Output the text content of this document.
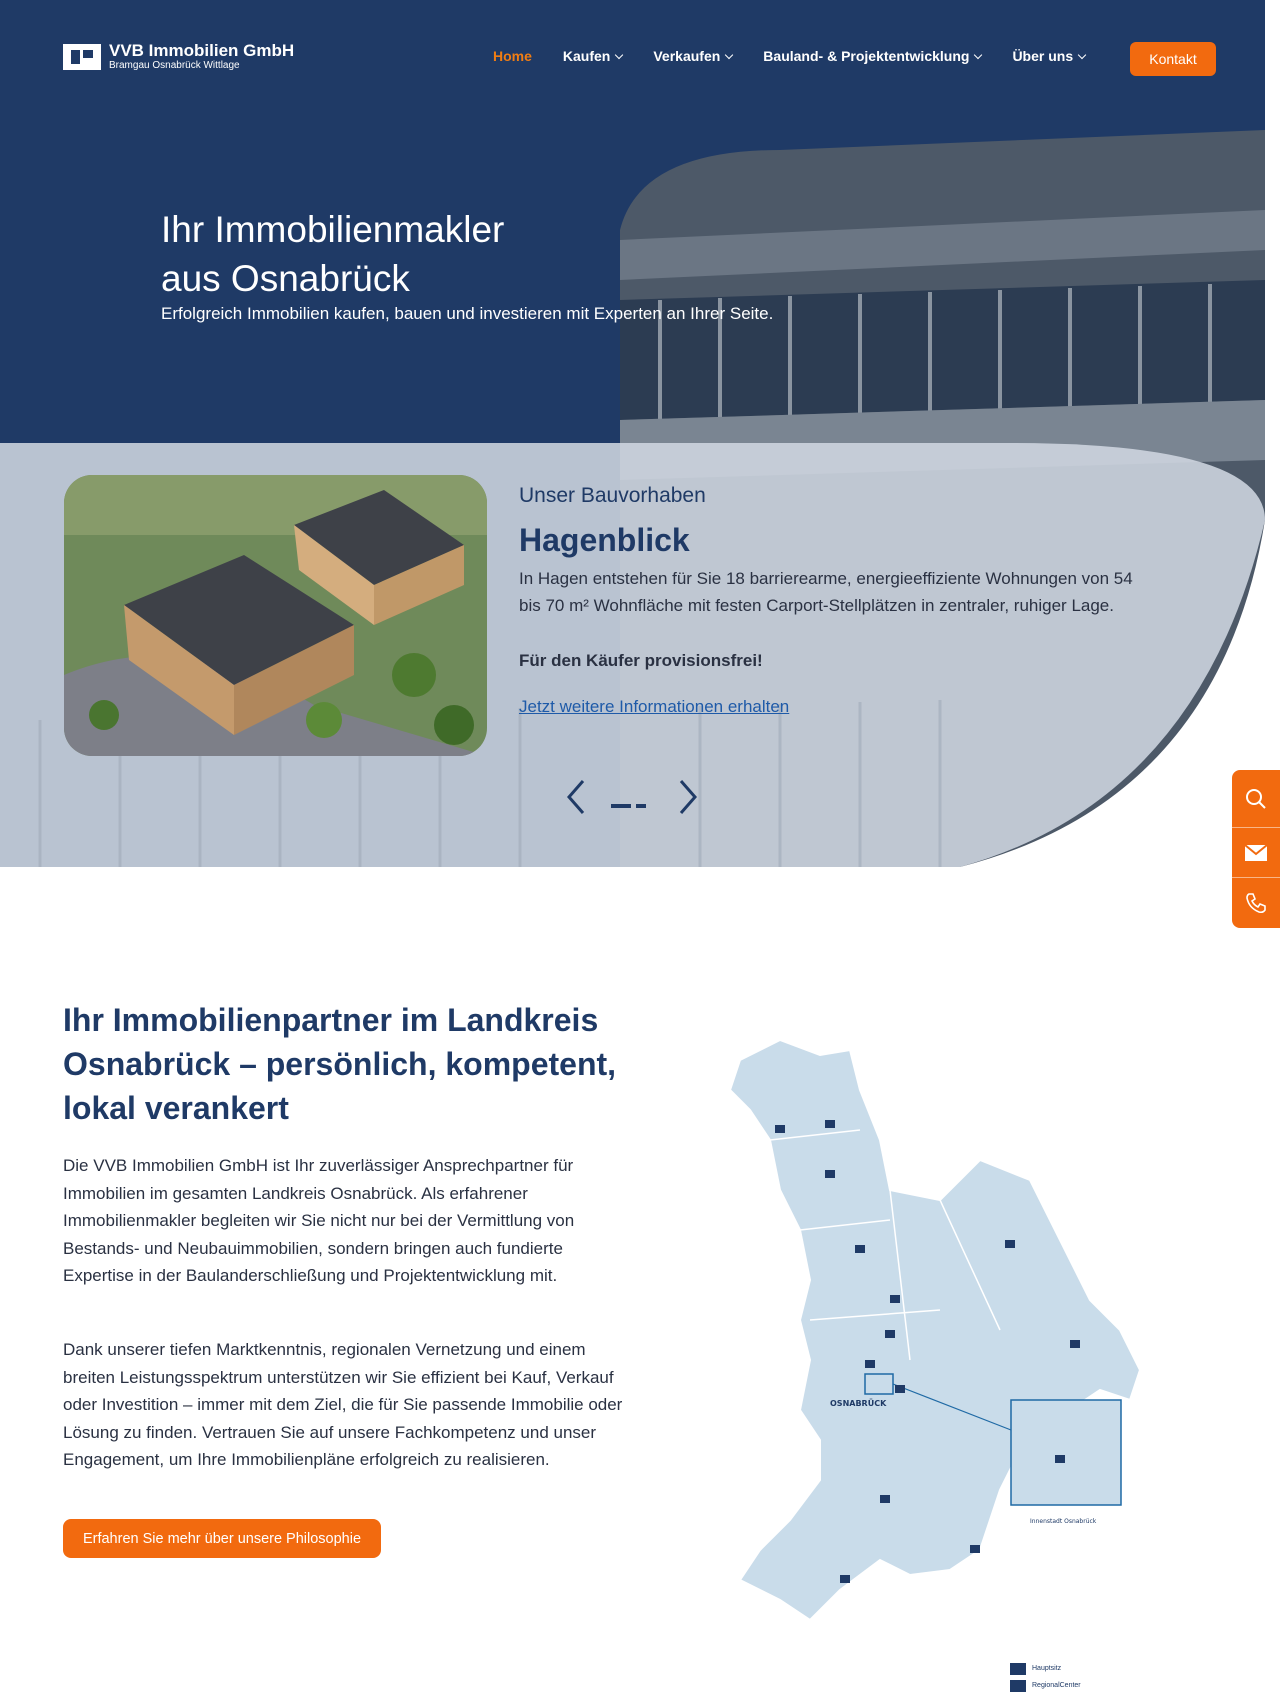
VVB Immobilien GmbH
Bramgau Osnabrück Wittlage
Home Kaufen	Verkaufen	Bauland- & Projektentwicklung	Über uns	Kontakt
Ihr Immobilienmakler
aus Osnabrück

Erfolgreich Immobilien kaufen, bauen und investieren mit Experten an Ihrer Seite.

Unser Bauvorhaben
Hagenblick

In Hagen entstehen für Sie 18 barrierearme, energieeffiziente Wohnungen von 54 bis 70 m² Wohnfläche mit festen Carport-Stellplätzen in zentraler, ruhiger Lage.

Für den Käufer provisionsfrei!

Jetzt weitere Informationen erhalten
Ihr Immobilienpartner im Landkreis Osnabrück – persönlich, kompetent, lokal verankert

Die VVB Immobilien GmbH ist Ihr zuverlässiger Ansprechpartner für Immobilien im gesamten Landkreis Osnabrück. Als erfahrener Immobilienmakler begleiten wir Sie nicht nur bei der Vermittlung von Bestands- und Neubauimmobilien, sondern bringen auch fundierte Expertise in der Baulanderschließung und Projektentwicklung mit.

Dank unserer tiefen Marktkenntnis, regionalen Vernetzung und einem breiten Leistungsspektrum unterstützen wir Sie effizient bei Kauf, Verkauf oder Investition – immer mit dem Ziel, die für Sie passende Immobilie oder Lösung zu finden. Vertrauen Sie auf unsere Fachkompetenz und unser Engagement, um Ihre Immobilienpläne erfolgreich zu realisieren.

Erfahren Sie mehr über unsere Philosophie
OSNABRÜCK
Innenstadt Osnabrück
Hauptsitz
RegionalCenter
